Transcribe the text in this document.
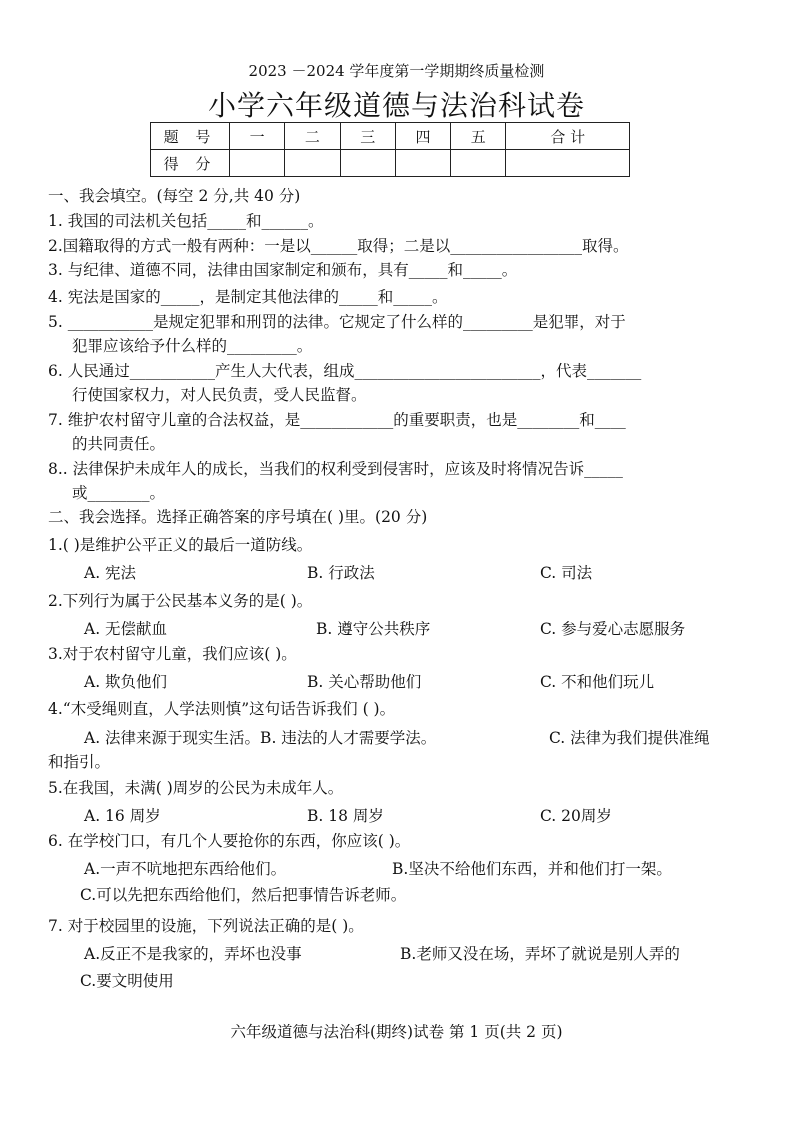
2023 －2024 学年度第一学期期终质量检测
小学六年级道德与法治科试卷
题 号	一	二	三	四	五	合 计
得 分						
一、我会填空。(每空 2 分,共 40 分)
1. 我国的司法机关包括_____和______。
2.国籍取得的方式一般有两种：一是以______取得；二是以_________________取得。
3. 与纪律、道德不同，法律由国家制定和颁布，具有_____和_____。
4. 宪法是国家的_____，是制定其他法律的_____和_____。
5. ___________是规定犯罪和刑罚的法律。它规定了什么样的_________是犯罪，对于
犯罪应该给予什么样的_________。
6. 人民通过___________产生人大代表，组成________________________，代表_______
行使国家权力，对人民负责，受人民监督。
7. 维护农村留守儿童的合法权益，是____________的重要职责，也是________和____
的共同责任。
8.. 法律保护未成年人的成长，当我们的权利受到侵害时，应该及时将情况告诉_____
或________。
二、我会选择。选择正确答案的序号填在( )里。(20 分)
1.( )是维护公平正义的最后一道防线。
A. 宪法	B. 行政法	C. 司法
2.下列行为属于公民基本义务的是( )。
A. 无偿献血	B. 遵守公共秩序	C. 参与爱心志愿服务
3.对于农村留守儿童，我们应该( )。
A. 欺负他们	B. 关心帮助他们	C. 不和他们玩儿
4.“木受绳则直，人学法则慎”这句话告诉我们 ( )。
A. 法律来源于现实生活。B. 违法的人才需要学法。	C. 法律为我们提供准绳
和指引。
5.在我国，未满( )周岁的公民为未成年人。
A. 16 周岁	B. 18 周岁	C. 20周岁
6. 在学校门口，有几个人要抢你的东西，你应该( )。
A.一声不吭地把东西给他们。	B.坚决不给他们东西，并和他们打一架。
C.可以先把东西给他们，然后把事情告诉老师。
7. 对于校园里的设施，下列说法正确的是( )。
A.反正不是我家的，弄坏也没事	B.老师又没在场，弄坏了就说是别人弄的
C.要文明使用
六年级道德与法治科(期终)试卷 第 1 页(共 2 页)
